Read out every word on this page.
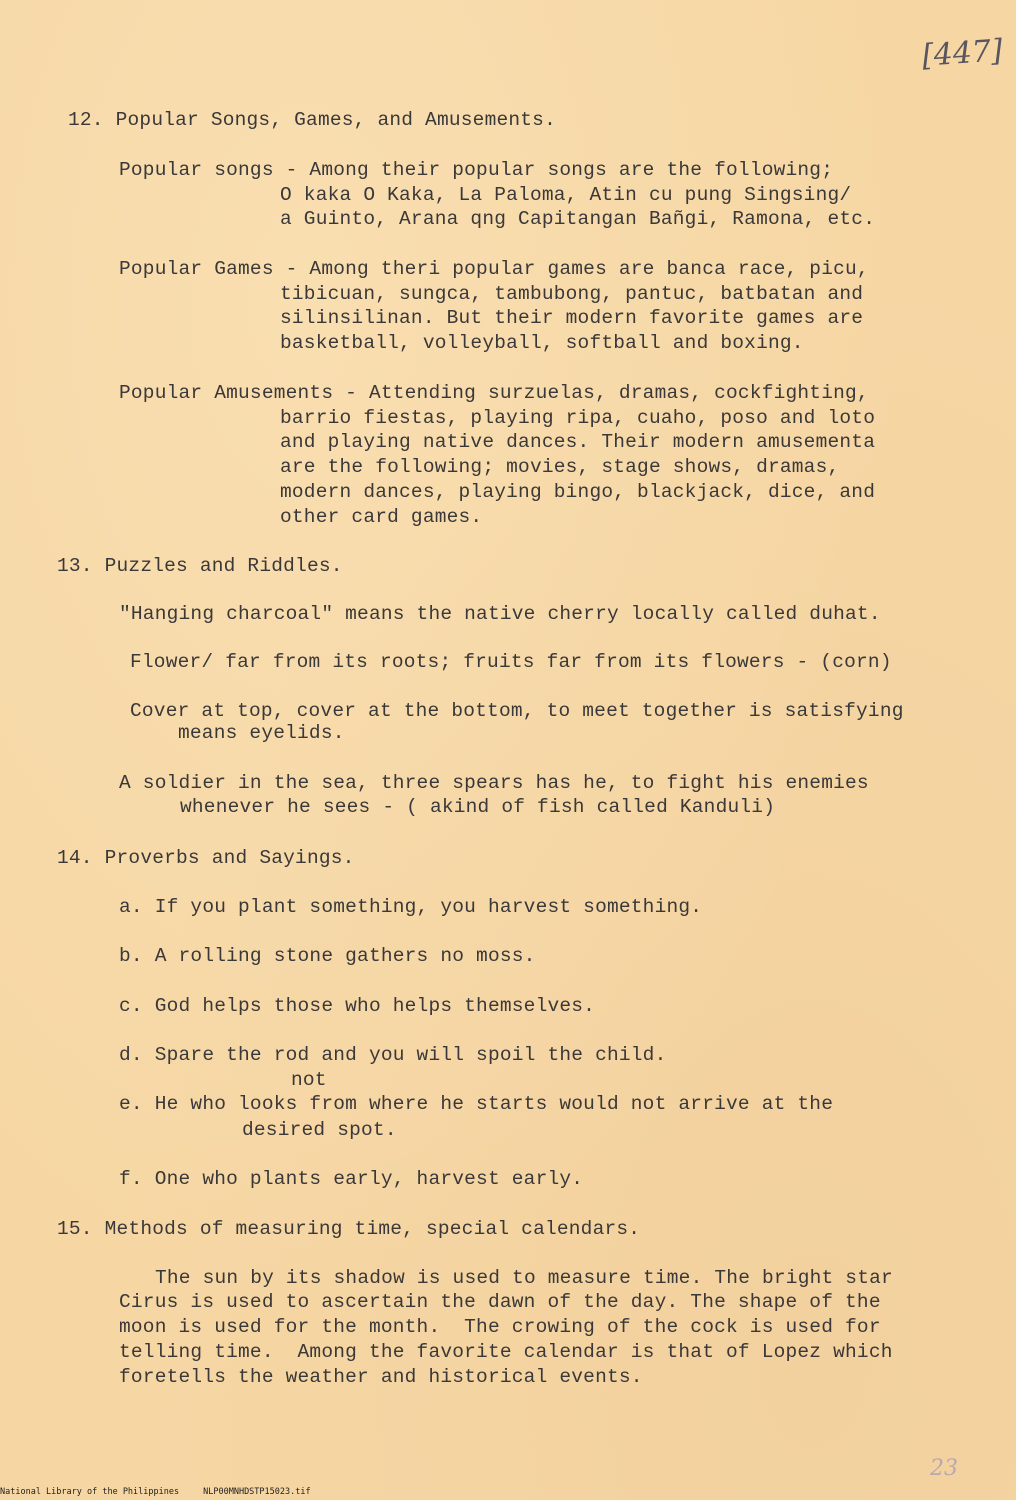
[447]
12. Popular Songs, Games, and Amusements.
Popular songs - Among their popular songs are the following;
O kaka O Kaka, La Paloma, Atin cu pung Singsing/
a Guinto, Arana qng Capitangan Bañgi, Ramona, etc.
Popular Games - Among theri popular games are banca race, picu,
tibicuan, sungca, tambubong, pantuc, batbatan and
silinsilinan. But their modern favorite games are
basketball, volleyball, softball and boxing.
Popular Amusements - Attending surzuelas, dramas, cockfighting,
barrio fiestas, playing ripa, cuaho, poso and loto
and playing native dances. Their modern amusementa
are the following; movies, stage shows, dramas,
modern dances, playing bingo, blackjack, dice, and
other card games.
13. Puzzles and Riddles.
"Hanging charcoal" means the native cherry locally called duhat.
Flower/ far from its roots; fruits far from its flowers - (corn)
Cover at top, cover at the bottom, to meet together is satisfying
means eyelids.
A soldier in the sea, three spears has he, to fight his enemies
whenever he sees - ( akind of fish called Kanduli)
14. Proverbs and Sayings.
a. If you plant something, you harvest something.
b. A rolling stone gathers no moss.
c. God helps those who helps themselves.
d. Spare the rod and you will spoil the child.
not
e. He who looks from where he starts would not arrive at the
desired spot.
f. One who plants early, harvest early.
15. Methods of measuring time, special calendars.
The sun by its shadow is used to measure time. The bright star
Cirus is used to ascertain the dawn of the day. The shape of the
moon is used for the month.  The crowing of the cock is used for
telling time.  Among the favorite calendar is that of Lopez which
foretells the weather and historical events.
23
National Library of the Philippines	NLP00MNHDSTP15023.tif
